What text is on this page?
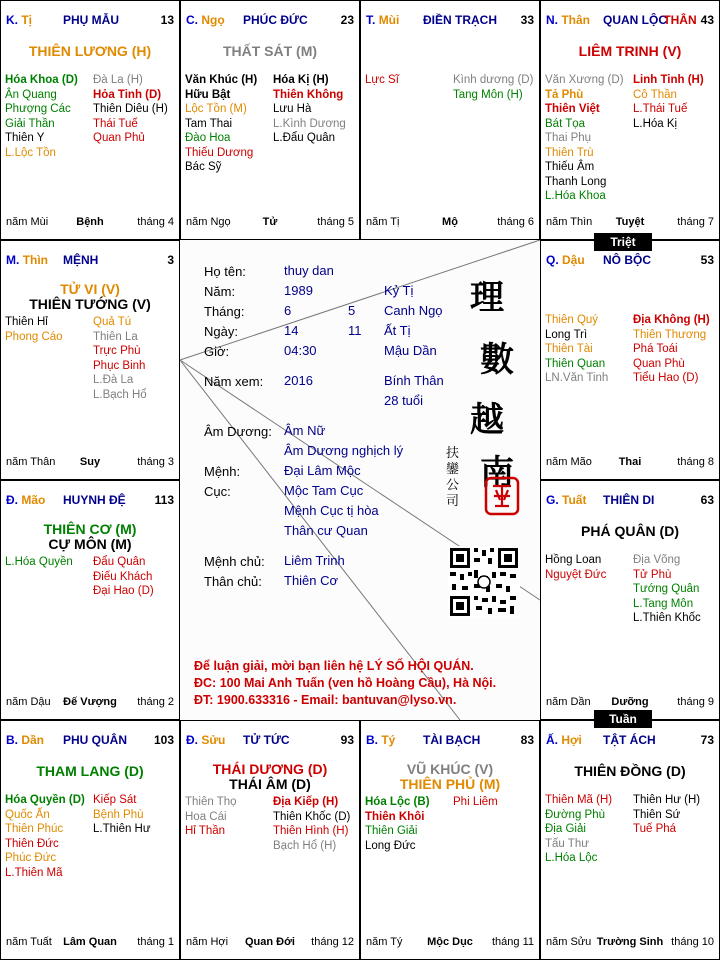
K. Tị	PHỤ MẪU	13
THIÊN LƯƠNG (H)
Hóa Khoa (D)
Ân Quang
Phượng Các
Giải Thần
Thiên Y
L.Lộc Tồn
Đà La (H)
Hỏa Tinh (D)
Thiên Diêu (H)
Thái Tuế
Quan Phủ
năm Mùi	Bệnh	tháng 4
C. Ngọ PHÚC ĐỨC	23
THẤT SÁT (M)
Văn Khúc (H)
Hữu Bật
Lộc Tồn (M)
Tam Thai
Đào Hoa
Thiếu Dương
Bác Sỹ
Hóa Kị (H)
Thiên Không
Lưu Hà
L.Kình Dương
L.Đẩu Quân
năm Ngọ	Tử	tháng 5
T. Mùi ĐIỀN TRẠCH 33
Lực Sĩ	Kình dương (D)
Tang Môn (H)
năm Tị	Mộ	tháng 6
N. Thân QUAN LỘC
THÂN 43
LIÊM TRINH (V)
Văn Xương (D)
Tả Phù
Thiên Việt
Bát Tọa
Thai Phụ
Thiên Trù
Thiếu Âm
Thanh Long
L.Hóa Khoa
Linh Tinh (H)
Cô Thần
L.Thái Tuế
L.Hóa Kị
năm Thìn	Tuyệt	tháng 7
Q. Dậu NÔ BỘC	53
Thiên Quý
Long Trì
Thiên Tài
Thiên Quan
LN.Văn Tinh
Địa Không (H)
Thiên Thương
Phá Toái
Quan Phù
Tiểu Hao (D)
năm Mão	Thai	tháng 8
G. Tuất THIÊN DI	63
PHÁ QUÂN (D)
Hồng Loan
Nguyệt Đức
Địa Võng
Tử Phù
Tướng Quân
L.Tang Môn
L.Thiên Khốc
năm Dần	Dưỡng	tháng 9
Ấ. Hợi TẬT ÁCH	73
THIÊN ĐỒNG (D)
Thiên Mã (H)
Đường Phù
Địa Giải
Tấu Thư
L.Hóa Lộc
Thiên Hư (H)
Thiên Sứ
Tuế Phá
năm Sửu Trường Sinh tháng 10
B. Tý TÀI BẠCH	83
VŨ KHÚC (V)
THIÊN PHỦ (M)
Hóa Lộc (B)
Thiên Khôi
Thiên Giải
Long Đức
Phi Liêm
năm Tý	Mộc Dục	tháng 11
Đ. Sửu TỬ TỨC	93
THÁI DƯƠNG (D)
THÁI ÂM (D)
Thiên Thọ
Hoa Cái
Hỉ Thần
Địa Kiếp (H)
Thiên Khốc (D)
Thiên Hình (H)
Bạch Hổ (H)
năm Hợi	Quan Đới	tháng 12
B. Dần PHU QUÂN 103
THAM LANG (D)
Hóa Quyền (D)
Quốc Ấn
Thiên Phúc
Thiên Đức
Phúc Đức
L.Thiên Mã
Kiếp Sát
Bệnh Phù
L.Thiên Hư
năm Tuất	Lâm Quan	tháng 1
Đ. Mão HUYNH ĐỆ 113
THIÊN CƠ (M)
CỰ MÔN (M)
L.Hóa Quyền	Đẩu Quân
Điếu Khách
Đại Hao (D)
năm Dậu	Đế Vượng	tháng 2
M. Thìn MỆNH	3
TỬ VI (V)
THIÊN TƯỚNG (V)
Thiên Hỉ
Phong Cáo
Quả Tú
Thiên La
Trực Phù
Phục Binh
L.Đà La
L.Bạch Hổ
năm Thân	Suy	tháng 3
Triệt
Tuần
Họ tên:	thuy dan
Năm:	1989	Kỷ Tị
Tháng:	6	5 Canh Ngọ
Ngày:	14	11 Ất Tị
Giờ:	04:30	Mậu Dần
Năm xem: 2016	Bính Thân
28 tuổi
Âm Dương: Âm Nữ
Âm Dương nghịch lý
Mệnh:	Đại Lâm Mộc
Cục:	Mộc Tam Cục
Mệnh Cục tị hòa
Thân cư Quan
Mệnh chủ: Liêm Trinh
Thân chủ: Thiên Cơ
理
數
越
南
扶鑾公司
Để luận giải, mời bạn liên hệ LÝ SỐ HỘI QUÁN.
ĐC: 100 Mai Anh Tuấn (ven hồ Hoàng Cầu), Hà Nội.
ĐT: 1900.633316 - Email: bantuvan@lyso.vn.
